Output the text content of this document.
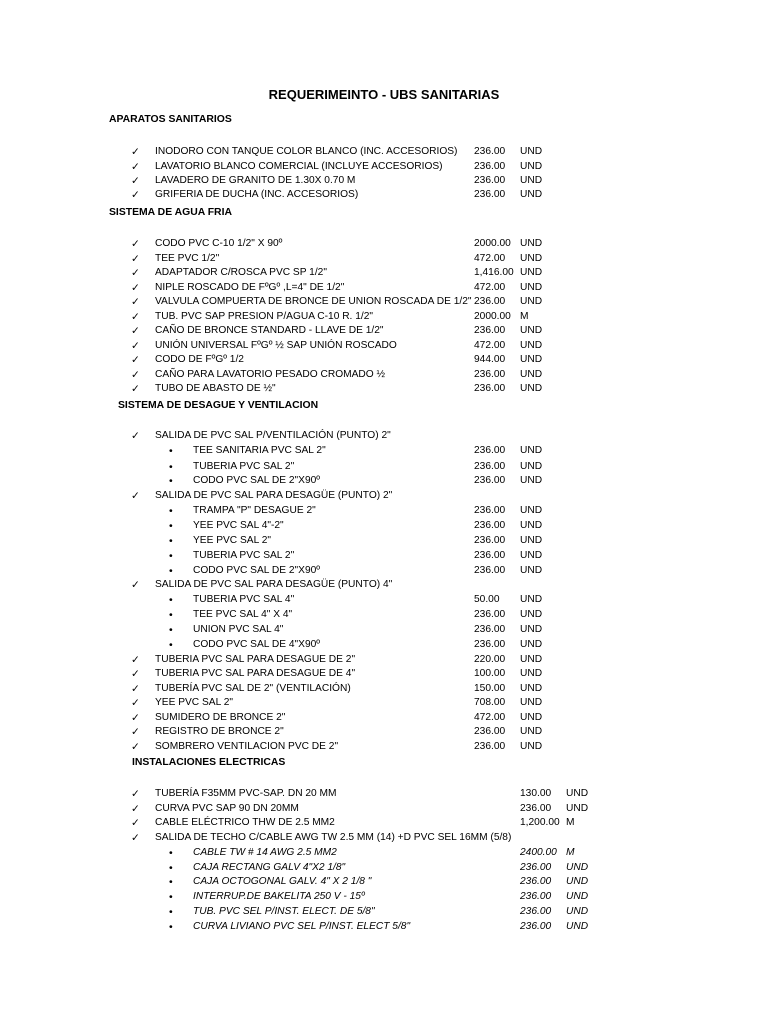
REQUERIMEINTO - UBS SANITARIAS
APARATOS SANITARIOS
✓ INODORO CON TANQUE COLOR BLANCO (INC. ACCESORIOS) 236.00 UND
✓ LAVATORIO BLANCO COMERCIAL (INCLUYE ACCESORIOS)	236.00 UND
✓ LAVADERO DE GRANITO DE 1.30X 0.70 M	236.00 UND
✓ GRIFERIA DE DUCHA (INC. ACCESORIOS)	236.00 UND
SISTEMA DE AGUA FRIA
✓ CODO PVC C-10 1/2" X 90º	2000.00 UND
✓ TEE PVC 1/2"	472.00 UND
✓ ADAPTADOR C/ROSCA PVC SP 1/2"	1,416.00 UND
✓ NIPLE ROSCADO DE FºGº ,L=4" DE 1/2"	472.00 UND
✓ VALVULA COMPUERTA DE BRONCE DE UNION ROSCADA DE 1/2" 236.00 UND
✓ TUB. PVC SAP PRESION P/AGUA C-10 R. 1/2"	2000.00 M
✓ CAÑO DE BRONCE STANDARD - LLAVE DE 1/2"	236.00 UND
✓ UNIÓN UNIVERSAL FºGº ½ SAP UNIÓN ROSCADO	472.00 UND
✓ CODO DE FºGº 1/2	944.00 UND
✓ CAÑO PARA LAVATORIO PESADO CROMADO ½	236.00 UND
✓ TUBO DE ABASTO DE ½"	236.00 UND
SISTEMA DE DESAGUE Y VENTILACION
✓ SALIDA DE PVC SAL P/VENTILACIÓN (PUNTO) 2"
• TEE SANITARIA PVC SAL 2"	236.00 UND
• TUBERIA PVC SAL 2"	236.00 UND
• CODO PVC SAL DE 2"X90º	236.00 UND
✓ SALIDA DE PVC SAL PARA DESAGÜE (PUNTO) 2"
• TRAMPA "P" DESAGUE 2"	236.00 UND
• YEE PVC SAL 4"-2"	236.00 UND
• YEE PVC SAL 2"	236.00 UND
• TUBERIA PVC SAL 2"	236.00 UND
• CODO PVC SAL DE 2"X90º	236.00 UND
✓ SALIDA DE PVC SAL PARA DESAGÜE (PUNTO) 4"
• TUBERIA PVC SAL 4"	50.00 UND
• TEE PVC SAL 4" X 4"	236.00 UND
• UNION PVC SAL 4"	236.00 UND
• CODO PVC SAL DE 4"X90º	236.00 UND
✓ TUBERIA PVC SAL PARA DESAGUE DE 2"	220.00 UND
✓ TUBERIA PVC SAL PARA DESAGUE DE 4"	100.00 UND
✓ TUBERÍA PVC SAL DE 2" (VENTILACIÓN)	150.00 UND
✓ YEE PVC SAL 2"	708.00 UND
✓ SUMIDERO DE BRONCE 2"	472.00 UND
✓ REGISTRO DE BRONCE 2"	236.00 UND
✓ SOMBRERO VENTILACION PVC DE 2"	236.00 UND
INSTALACIONES ELECTRICAS
✓ TUBERÍA F35MM PVC-SAP. DN 20 MM	130.00 UND
✓ CURVA PVC SAP 90 DN 20MM	236.00 UND
✓ CABLE ELÉCTRICO THW DE 2.5 MM2	1,200.00 M
✓ SALIDA DE TECHO C/CABLE AWG TW 2.5 MM (14) +D PVC SEL 16MM (5/8)
• CABLE TW # 14 AWG 2.5 MM2	2400.00 M
• CAJA RECTANG GALV 4"X2 1/8"	236.00 UND
• CAJA OCTOGONAL GALV. 4" X 2 1/8 "	236.00 UND
• INTERRUP.DE BAKELITA 250 V - 15º	236.00 UND
• TUB. PVC SEL P/INST. ELECT. DE 5/8"	236.00 UND
• CURVA LIVIANO PVC SEL P/INST. ELECT 5/8"	236.00 UND
